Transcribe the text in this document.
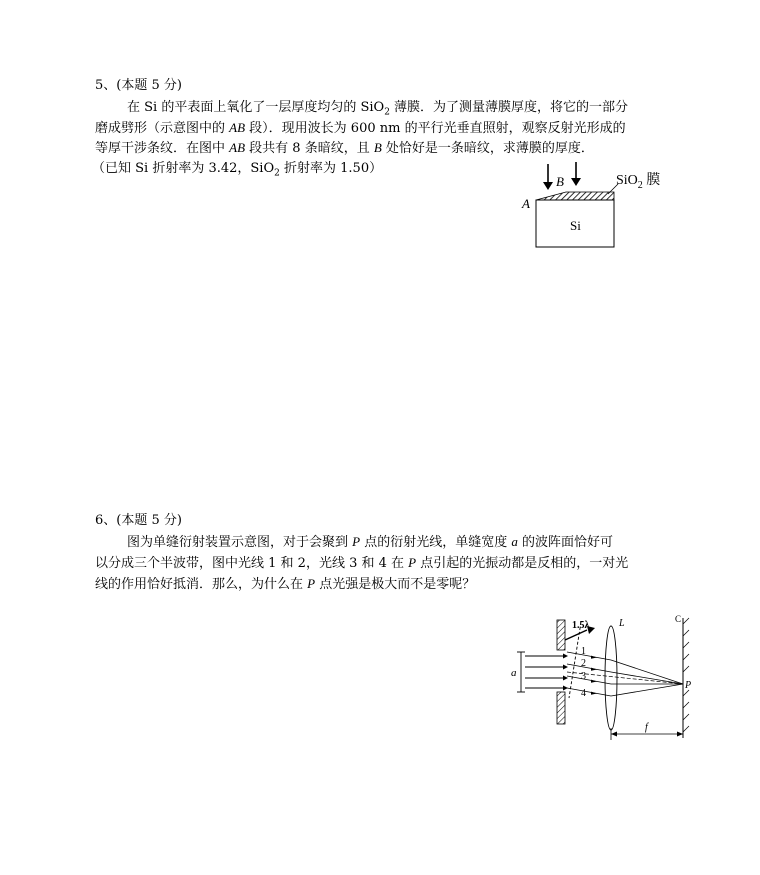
5、(本题 5 分)
在 Si 的平表面上氧化了一层厚度均匀的 SiO$_2$ 薄膜．为了测量薄膜厚度，将它的一部分
磨成劈形（示意图中的 AB 段）．现用波长为 600 nm 的平行光垂直照射，观察反射光形成的
等厚干涉条纹．在图中 AB 段共有 8 条暗纹，且 B 处恰好是一条暗纹，求薄膜的厚度．
（已知 Si 折射率为 3.42，SiO$_2$ 折射率为 1.50）
B
Si
A
SiO$_2$ 膜
6、(本题 5 分)
图为单缝衍射装置示意图，对于会聚到 P 点的衍射光线，单缝宽度 a 的波阵面恰好可
以分成三个半波带，图中光线 1 和 2，光线 3 和 4 在 P 点引起的光振动都是反相的，一对光
线的作用恰好抵消．那么，为什么在 P 点光强是极大而不是零呢？
a
1.5λ
1
2
3
4
L	C
P
f
